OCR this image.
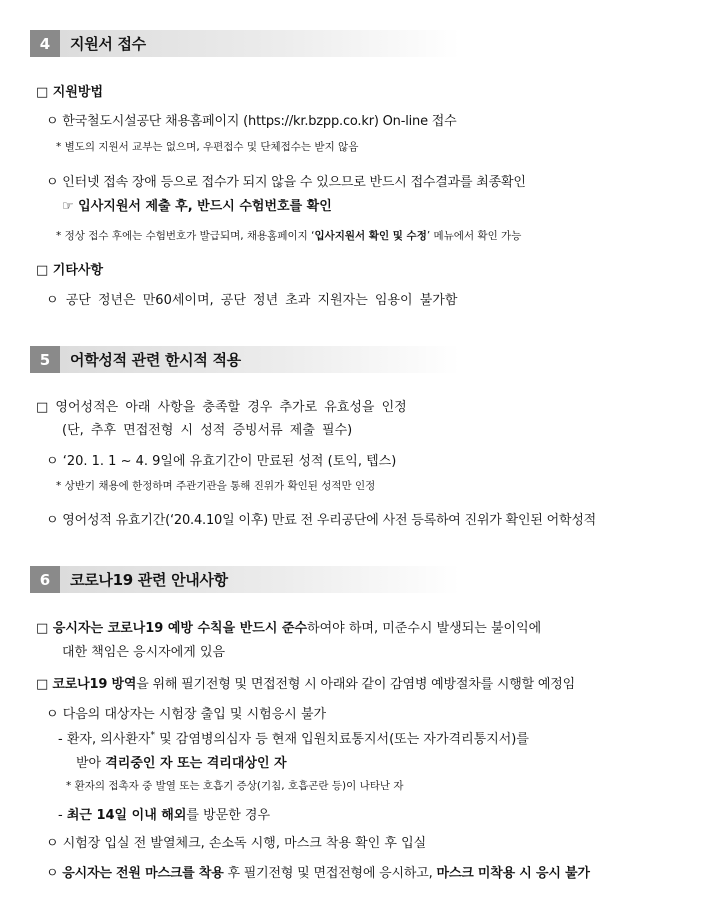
4	지원서 접수
□ 지원방법
ㅇ 한국철도시설공단 채용홈페이지 (https://kr.bzpp.co.kr) On-line 접수
* 별도의 지원서 교부는 없으며, 우편접수 및 단체접수는 받지 않음
ㅇ 인터넷 접속 장애 등으로 접수가 되지 않을 수 있으므로 반드시 접수결과를 최종확인
☞ 입사지원서 제출 후, 반드시 수험번호를 확인
* 정상 접수 후에는 수험번호가 발급되며, 채용홈페이지 ‘입사지원서 확인 및 수정’ 메뉴에서 확인 가능
□ 기타사항
ㅇ 공단 정년은 만60세이며, 공단 정년 초과 지원자는 임용이 불가함
5	어학성적 관련 한시적 적용
□ 영어성적은 아래 사항을 충족할 경우 추가로 유효성을 인정
(단, 추후 면접전형 시 성적 증빙서류 제출 필수)
ㅇ ‘20. 1. 1 ~ 4. 9일에 유효기간이 만료된 성적 (토익, 텝스)
* 상반기 채용에 한정하며 주관기관을 통해 진위가 확인된 성적만 인정
ㅇ 영어성적 유효기간(‘20.4.10일 이후) 만료 전 우리공단에 사전 등록하여 진위가 확인된 어학성적
6	코로나19 관련 안내사항
□ 응시자는 코로나19 예방 수칙을 반드시 준수하여야 하며, 미준수시 발생되는 불이익에
대한 책임은 응시자에게 있음
□ 코로나19 방역을 위해 필기전형 및 면접전형 시 아래와 같이 감염병 예방절차를 시행할 예정임
ㅇ 다음의 대상자는 시험장 출입 및 시험응시 불가
- 환자, 의사환자* 및 감염병의심자 등 현재 입원치료통지서(또는 자가격리통지서)를
받아 격리중인 자 또는 격리대상인 자
* 환자의 접촉자 중 발열 또는 호흡기 증상(기침, 호흡곤란 등)이 나타난 자
- 최근 14일 이내 해외를 방문한 경우
ㅇ 시험장 입실 전 발열체크, 손소독 시행, 마스크 착용 확인 후 입실
ㅇ 응시자는 전원 마스크를 착용 후 필기전형 및 면접전형에 응시하고, 마스크 미착용 시 응시 불가
